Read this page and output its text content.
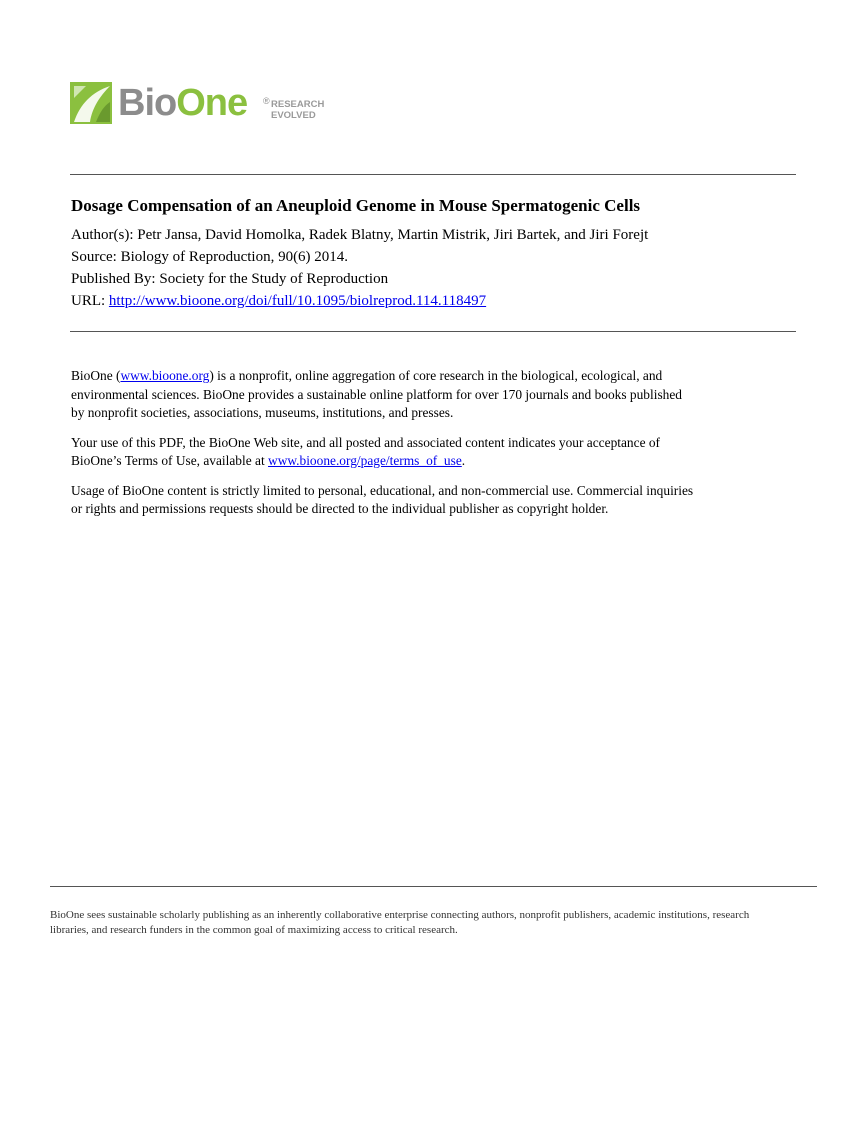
BioOne ® RESEARCH
EVOLVED
Dosage Compensation of an Aneuploid Genome in Mouse Spermatogenic Cells
Author(s): Petr Jansa, David Homolka, Radek Blatny, Martin Mistrik, Jiri Bartek, and Jiri Forejt
Source: Biology of Reproduction, 90(6) 2014.
Published By: Society for the Study of Reproduction
URL: http://www.bioone.org/doi/full/10.1095/biolreprod.114.118497

BioOne (www.bioone.org) is a nonprofit, online aggregation of core research in the biological, ecological, and
environmental sciences. BioOne provides a sustainable online platform for over 170 journals and books published
by nonprofit societies, associations, museums, institutions, and presses.

Your use of this PDF, the BioOne Web site, and all posted and associated content indicates your acceptance of
BioOne’s Terms of Use, available at www.bioone.org/page/terms_of_use.

Usage of BioOne content is strictly limited to personal, educational, and non-commercial use. Commercial inquiries
or rights and permissions requests should be directed to the individual publisher as copyright holder.

BioOne sees sustainable scholarly publishing as an inherently collaborative enterprise connecting authors, nonprofit publishers, academic institutions, research
libraries, and research funders in the common goal of maximizing access to critical research.
